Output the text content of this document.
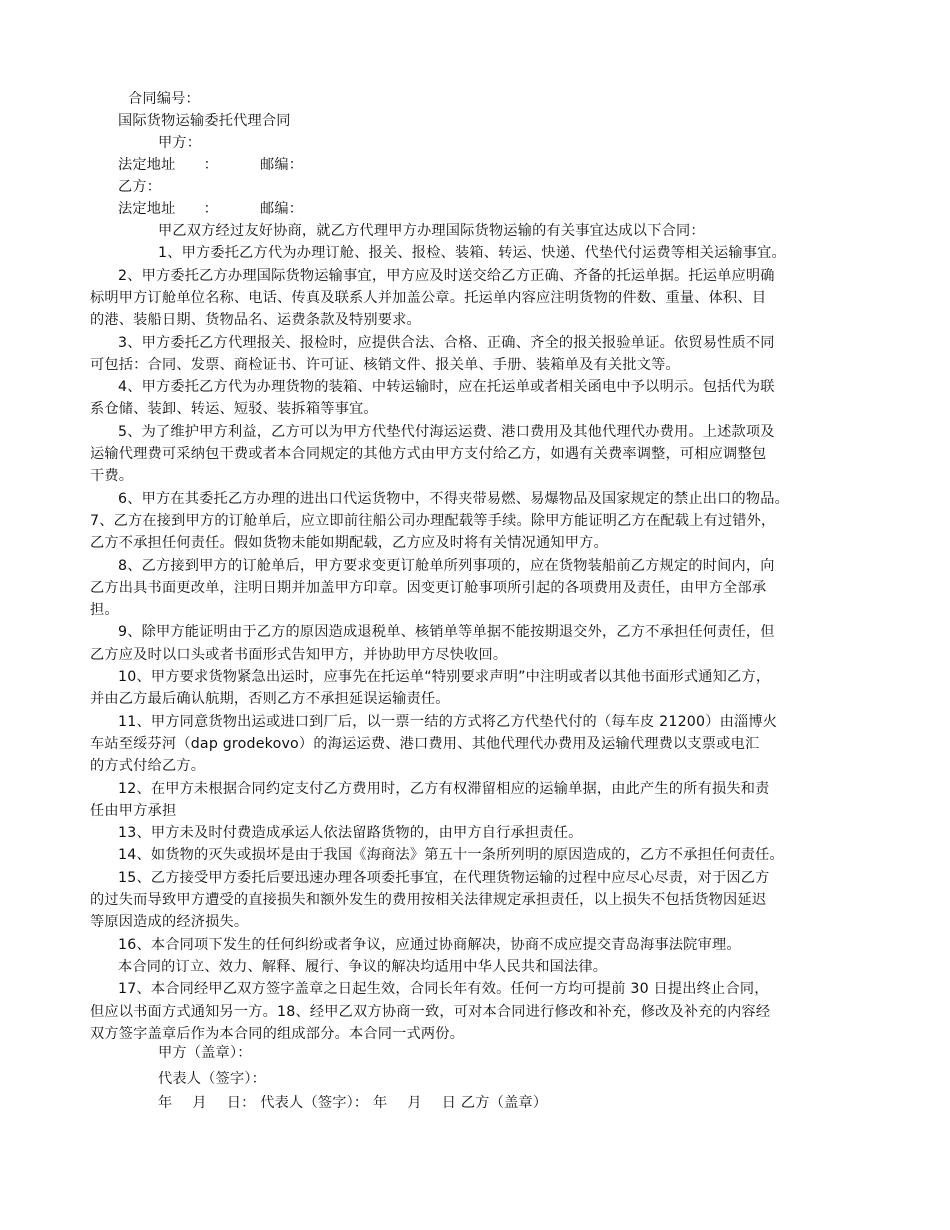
合同编号：
国际货物运输委托代理合同
甲方：
法定地址 ：	邮编：
乙方：
法定地址 ：	邮编：
甲乙双方经过友好协商，就乙方代理甲方办理国际货物运输的有关事宜达成以下合同：
1、甲方委托乙方代为办理订舱、报关、报检、装箱、转运、快递、代垫代付运费等相关运输事宜。
2、甲方委托乙方办理国际货物运输事宜，甲方应及时送交给乙方正确、齐备的托运单据。托运单应明确
标明甲方订舱单位名称、电话、传真及联系人并加盖公章。托运单内容应注明货物的件数、重量、体积、目
的港、装船日期、货物品名、运费条款及特别要求。
3、甲方委托乙方代理报关、报检时，应提供合法、合格、正确、齐全的报关报验单证。依贸易性质不同
可包括：合同、发票、商检证书、许可证、核销文件、报关单、手册、装箱单及有关批文等。
4、甲方委托乙方代为办理货物的装箱、中转运输时，应在托运单或者相关函电中予以明示。包括代为联
系仓储、装卸、转运、短驳、装拆箱等事宜。
5、为了维护甲方利益，乙方可以为甲方代垫代付海运运费、港口费用及其他代理代办费用。上述款项及
运输代理费可采纳包干费或者本合同规定的其他方式由甲方支付给乙方，如遇有关费率调整，可相应调整包
干费。
6、甲方在其委托乙方办理的进出口代运货物中，不得夹带易燃、易爆物品及国家规定的禁止出口的物品。
7、乙方在接到甲方的订舱单后，应立即前往船公司办理配载等手续。除甲方能证明乙方在配载上有过错外，
乙方不承担任何责任。假如货物未能如期配载，乙方应及时将有关情况通知甲方。
8、乙方接到甲方的订舱单后，甲方要求变更订舱单所列事项的，应在货物装船前乙方规定的时间内，向
乙方出具书面更改单，注明日期并加盖甲方印章。因变更订舱事项所引起的各项费用及责任，由甲方全部承
担。
9、除甲方能证明由于乙方的原因造成退税单、核销单等单据不能按期退交外，乙方不承担任何责任，但
乙方应及时以口头或者书面形式告知甲方，并协助甲方尽快收回。
10、甲方要求货物紧急出运时，应事先在托运单“特别要求声明”中注明或者以其他书面形式通知乙方，
并由乙方最后确认航期，否则乙方不承担延误运输责任。
11、甲方同意货物出运或进口到厂后，以一票一结的方式将乙方代垫代付的（每车皮 21200）由淄博火
车站至绥芬河（dap grodekovo）的海运运费、港口费用、其他代理代办费用及运输代理费以支票或电汇
的方式付给乙方。
12、在甲方未根据合同约定支付乙方费用时，乙方有权滞留相应的运输单据，由此产生的所有损失和责
任由甲方承担
13、甲方未及时付费造成承运人依法留路货物的，由甲方自行承担责任。
14、如货物的灭失或损坏是由于我国《海商法》第五十一条所列明的原因造成的，乙方不承担任何责任。
15、乙方接受甲方委托后要迅速办理各项委托事宜，在代理货物运输的过程中应尽心尽责，对于因乙方
的过失而导致甲方遭受的直接损失和额外发生的费用按相关法律规定承担责任，以上损失不包括货物因延迟
等原因造成的经济损失。
16、本合同项下发生的任何纠纷或者争议，应通过协商解决，协商不成应提交青岛海事法院审理。
本合同的订立、效力、解释、履行、争议的解决均适用中华人民共和国法律。
17、本合同经甲乙双方签字盖章之日起生效，合同长年有效。任何一方均可提前 30 日提出终止合同，
但应以书面方式通知另一方。18、经甲乙双方协商一致，可对本合同进行修改和补充，修改及补充的内容经
双方签字盖章后作为本合同的组成部分。本合同一式两份。
甲方（盖章）：
代表人（签字）：
年 月 日： 代表人（签字）： 年 月 日 乙方（盖章）
